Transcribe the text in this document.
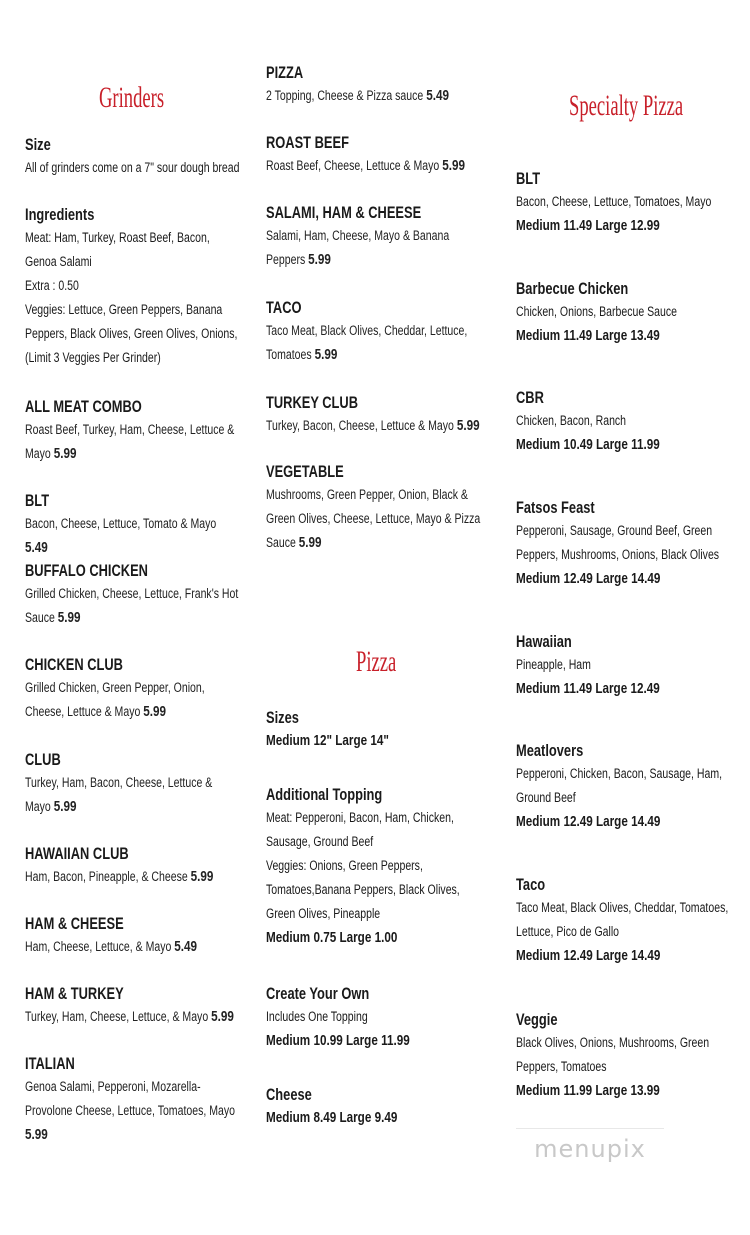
Grinders
Size
All of grinders come on a 7" sour dough bread
Ingredients
Meat: Ham, Turkey, Roast Beef, Bacon, Genoa Salami
Extra : 0.50
Veggies: Lettuce, Green Peppers, Banana Peppers, Black Olives, Green Olives, Onions, (Limit 3 Veggies Per Grinder)
ALL MEAT COMBO
Roast Beef, Turkey, Ham, Cheese, Lettuce & Mayo 5.99
BLT
Bacon, Cheese, Lettuce, Tomato & Mayo 5.49
BUFFALO CHICKEN
Grilled Chicken, Cheese, Lettuce, Frank's Hot Sauce 5.99
CHICKEN CLUB
Grilled Chicken, Green Pepper, Onion, Cheese, Lettuce & Mayo 5.99
CLUB
Turkey, Ham, Bacon, Cheese, Lettuce & Mayo 5.99
HAWAIIAN CLUB
Ham, Bacon, Pineapple, & Cheese 5.99
HAM & CHEESE
Ham, Cheese, Lettuce, & Mayo 5.49
HAM & TURKEY
Turkey, Ham, Cheese, Lettuce, & Mayo 5.99
ITALIAN
Genoa Salami, Pepperoni, Mozarella-Provolone Cheese, Lettuce, Tomatoes, Mayo 5.99
PIZZA
2 Topping, Cheese & Pizza sauce 5.49
ROAST BEEF
Roast Beef, Cheese, Lettuce & Mayo 5.99
SALAMI, HAM & CHEESE
Salami, Ham, Cheese, Mayo & Banana Peppers 5.99
TACO
Taco Meat, Black Olives, Cheddar, Lettuce, Tomatoes 5.99
TURKEY CLUB
Turkey, Bacon, Cheese, Lettuce & Mayo 5.99
VEGETABLE
Mushrooms, Green Pepper, Onion, Black & Green Olives, Cheese, Lettuce, Mayo & Pizza Sauce 5.99
Pizza
Sizes
Medium 12" Large 14"
Additional Topping
Meat: Pepperoni, Bacon, Ham, Chicken, Sausage, Ground Beef
Veggies: Onions, Green Peppers, Tomatoes,Banana Peppers, Black Olives, Green Olives, Pineapple
Medium 0.75 Large 1.00
Create Your Own
Includes One Topping
Medium 10.99 Large 11.99
Cheese
Medium 8.49 Large 9.49
Specialty Pizza
BLT
Bacon, Cheese, Lettuce, Tomatoes, Mayo
Medium 11.49 Large 12.99
Barbecue Chicken
Chicken, Onions, Barbecue Sauce
Medium 11.49 Large 13.49
CBR
Chicken, Bacon, Ranch
Medium 10.49 Large 11.99
Fatsos Feast
Pepperoni, Sausage, Ground Beef, Green Peppers, Mushrooms, Onions, Black Olives
Medium 12.49 Large 14.49
Hawaiian
Pineapple, Ham
Medium 11.49 Large 12.49
Meatlovers
Pepperoni, Chicken, Bacon, Sausage, Ham, Ground Beef
Medium 12.49 Large 14.49
Taco
Taco Meat, Black Olives, Cheddar, Tomatoes, Lettuce, Pico de Gallo
Medium 12.49 Large 14.49
Veggie
Black Olives, Onions, Mushrooms, Green Peppers, Tomatoes
Medium 11.99 Large 13.99
menupix
